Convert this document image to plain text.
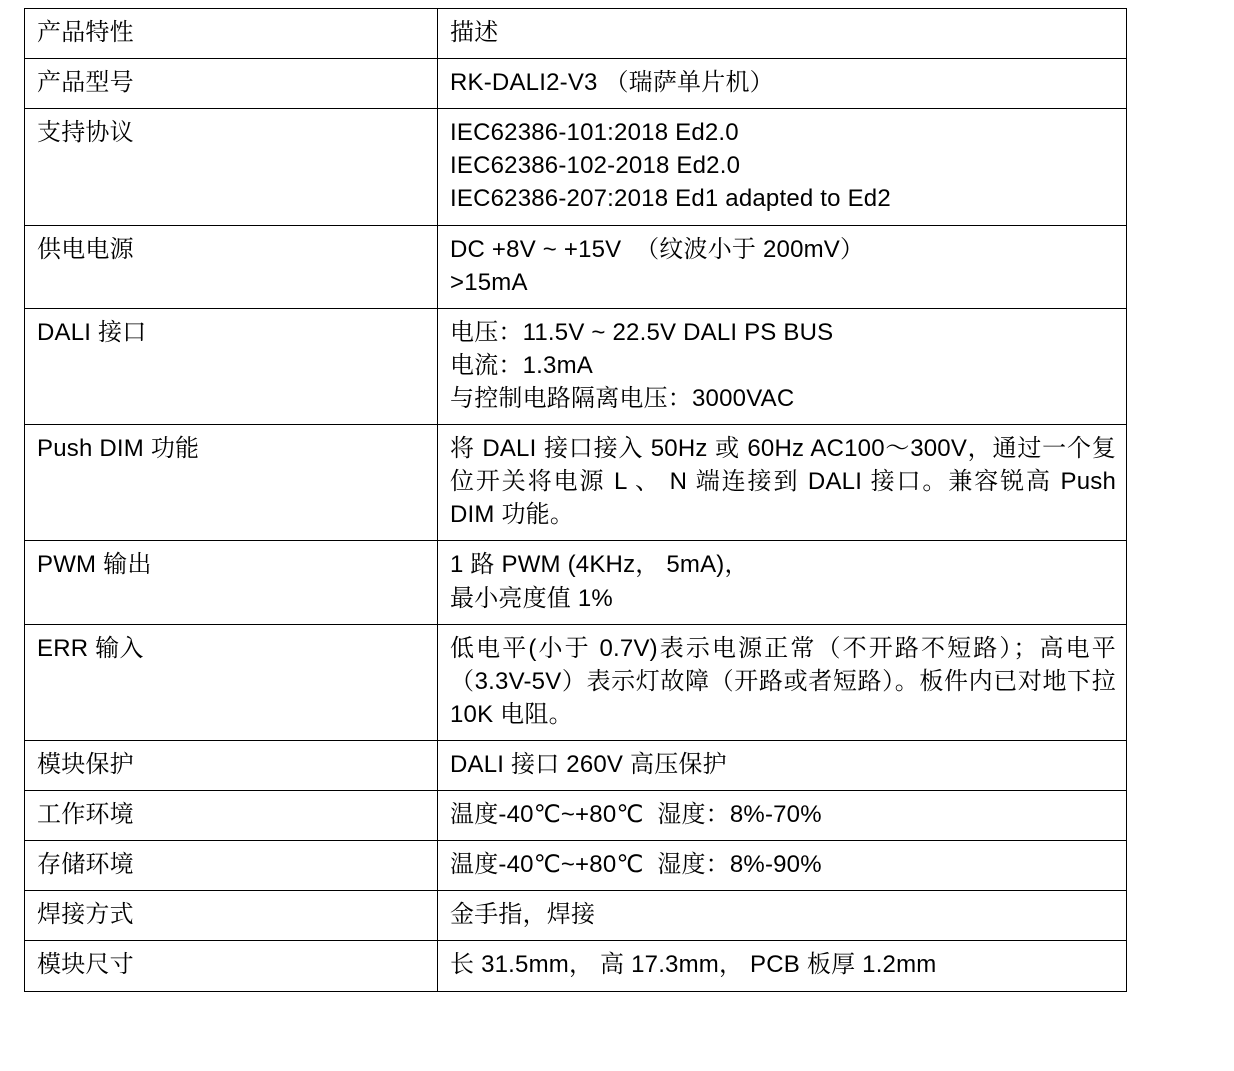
产品特性	描述

产品型号	RK-DALI2-V3 （瑞萨单片机）

支持协议	IEC62386-101:2018 Ed2.0
IEC62386-102-2018 Ed2.0
IEC62386-207:2018 Ed1 adapted to Ed2

供电电源	DC +8V ~ +15V  （纹波小于 200mV）
>15mA

DALI 接口	电压：11.5V ~ 22.5V DALI PS BUS
电流：1.3mA
与控制电路隔离电压：3000VAC

Push DIM 功能	将 DALI 接口接入 50Hz 或 60Hz AC100～300V，通过一个复位开关将电源 L 、 N 端连接到 DALI 接口。兼容锐高 Push DIM 功能。

PWM 输出	1 路 PWM (4KHz， 5mA)，
最小亮度值 1%

ERR 输入	低电平(小于 0.7V)表示电源正常（不开路不短路）；高电平（3.3V-5V）表示灯故障（开路或者短路）。板件内已对地下拉 10K 电阻。

模块保护	DALI 接口 260V 高压保护

工作环境	温度-40℃~+80℃  湿度：8%-70%

存储环境	温度-40℃~+80℃  湿度：8%-90%

焊接方式	金手指，焊接

模块尺寸	长 31.5mm， 高 17.3mm， PCB 板厚 1.2mm
